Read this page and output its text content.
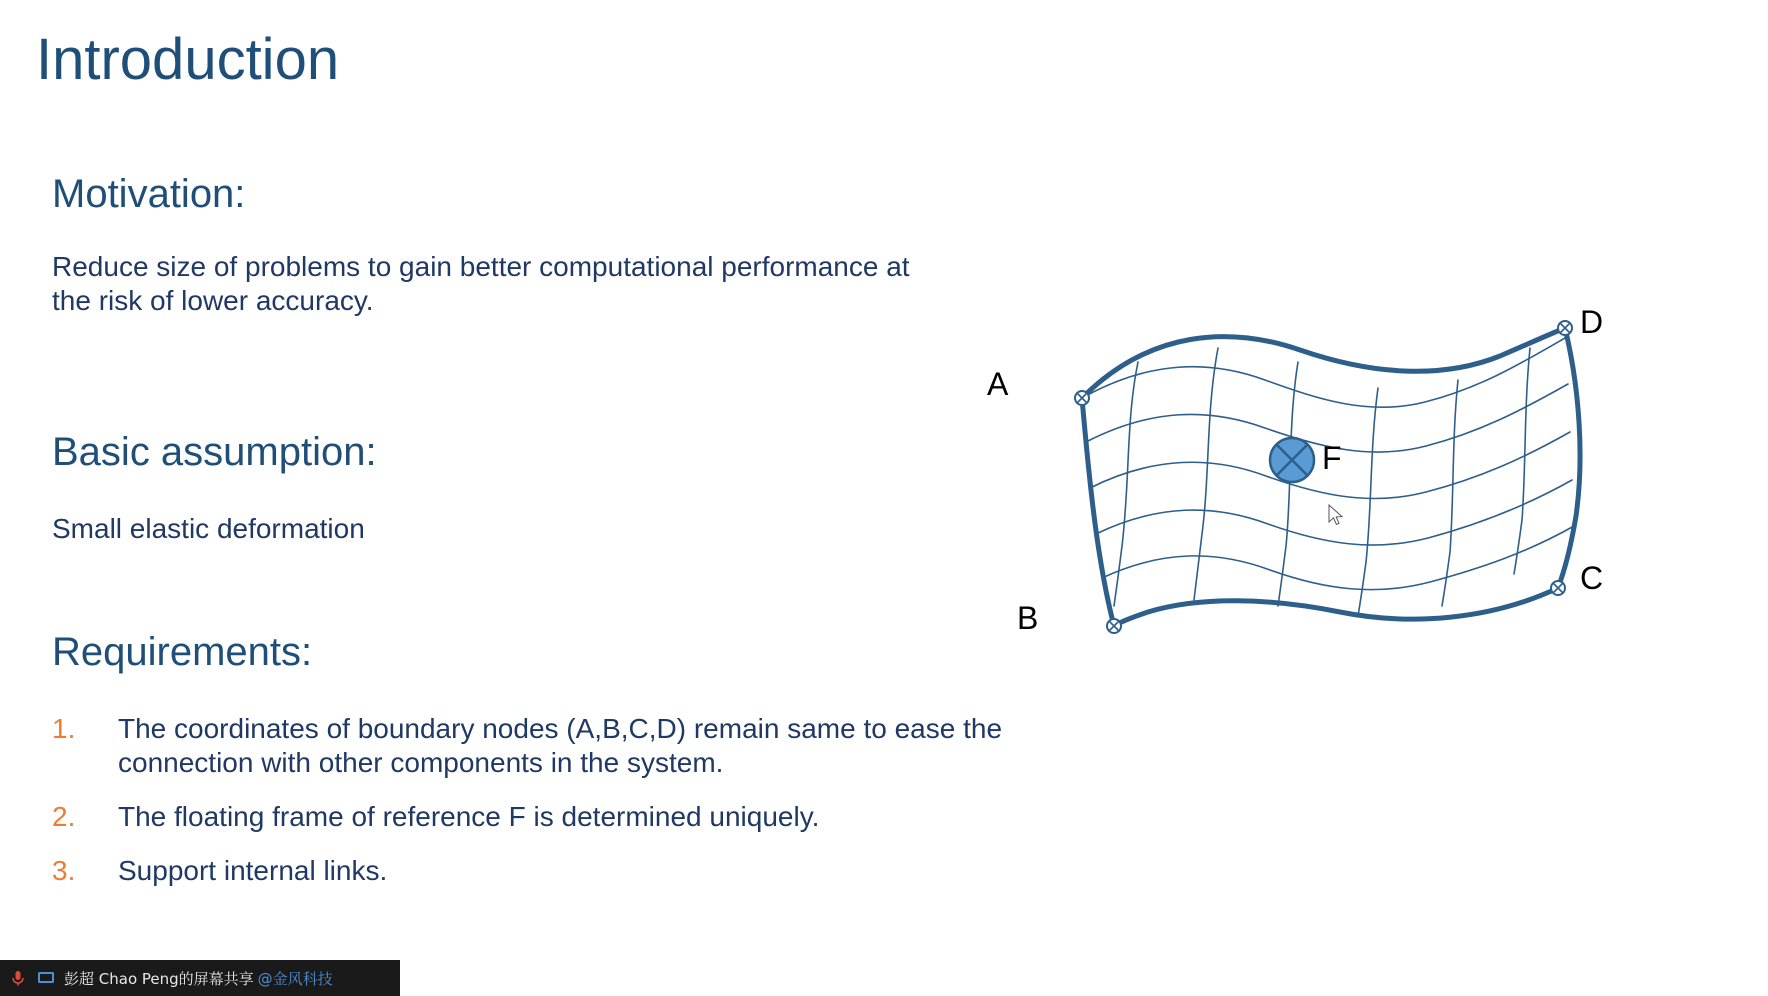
Introduction
Motivation:
Reduce size of problems to gain better computational performance at the risk of lower accuracy.
Basic assumption:
Small elastic deformation
Requirements:
1.	The coordinates of boundary nodes (A,B,C,D) remain same to ease the connection with other components in the system.
2.	The floating frame of reference F is determined uniquely.
3.	Support internal links.
A
B
C
D
F
彭超 Chao Peng的屏幕共享 @金风科技
